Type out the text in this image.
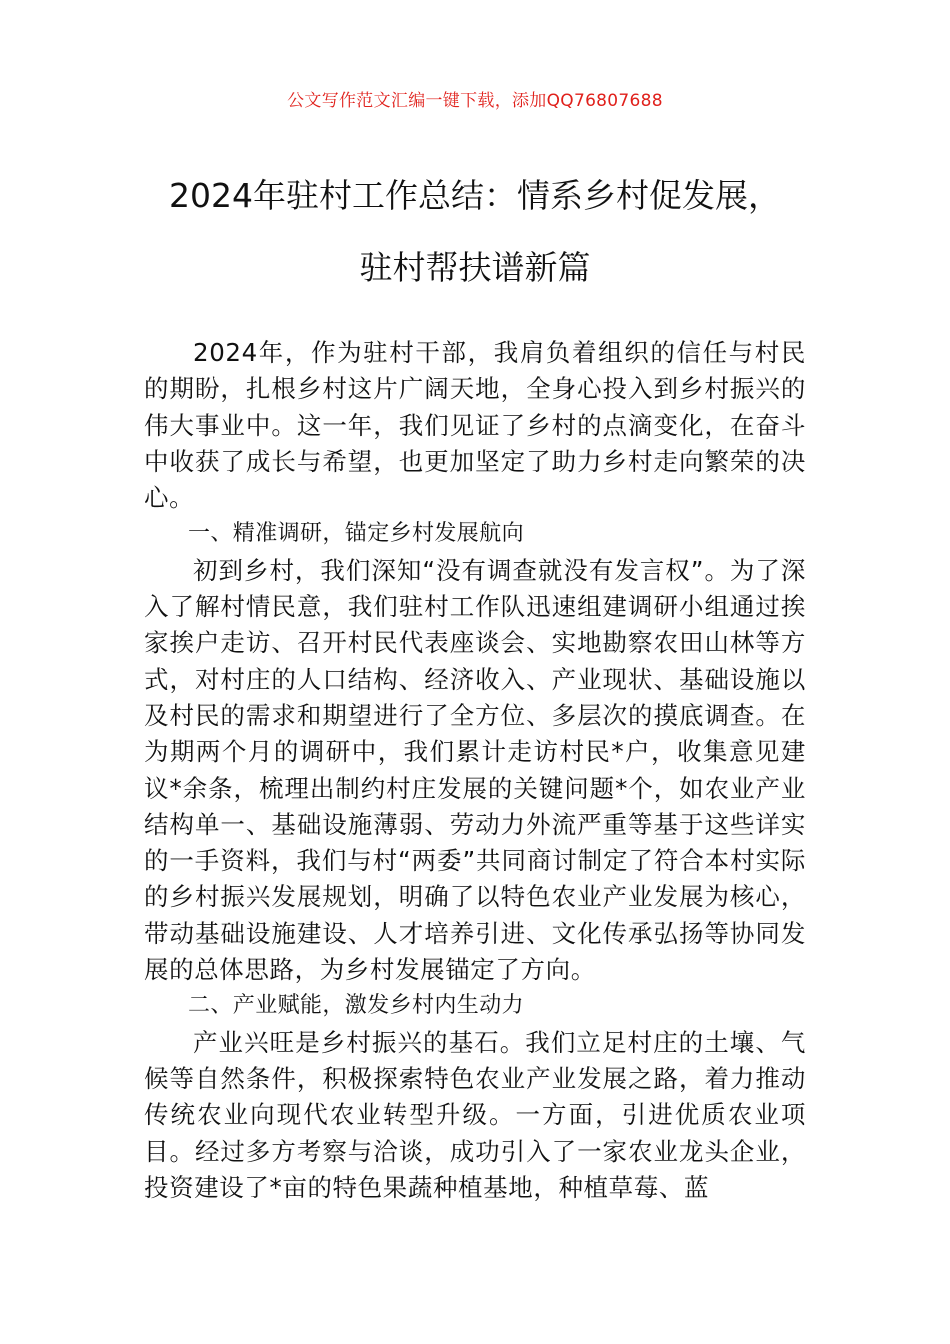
公文写作范文汇编一键下载，添加QQ76807688
2024年驻村工作总结：情系乡村促发展，
驻村帮扶谱新篇

2024年，作为驻村干部，我肩负着组织的信任与村民的期盼，扎根乡村这片广阔天地，全身心投入到乡村振兴的伟大事业中。这一年，我们见证了乡村的点滴变化，在奋斗中收获了成长与希望，也更加坚定了助力乡村走向繁荣的决心。

一、精准调研，锚定乡村发展航向

初到乡村，我们深知“没有调查就没有发言权”。为了深入了解村情民意，我们驻村工作队迅速组建调研小组通过挨家挨户走访、召开村民代表座谈会、实地勘察农田山林等方式，对村庄的人口结构、经济收入、产业现状、基础设施以及村民的需求和期望进行了全方位、多层次的摸底调查。在为期两个月的调研中，我们累计走访村民*户，收集意见建议*余条，梳理出制约村庄发展的关键问题*个，如农业产业结构单一、基础设施薄弱、劳动力外流严重等基于这些详实的一手资料，我们与村“两委”共同商讨制定了符合本村实际的乡村振兴发展规划，明确了以特色农业产业发展为核心，带动基础设施建设、人才培养引进、文化传承弘扬等协同发展的总体思路，为乡村发展锚定了方向。

二、产业赋能，激发乡村内生动力

产业兴旺是乡村振兴的基石。我们立足村庄的土壤、气候等自然条件，积极探索特色农业产业发展之路，着力推动传统农业向现代农业转型升级。一方面，引进优质农业项目。经过多方考察与洽谈，成功引入了一家农业龙头企业，投资建设了*亩的特色果蔬种植基地，种植草莓、蓝
